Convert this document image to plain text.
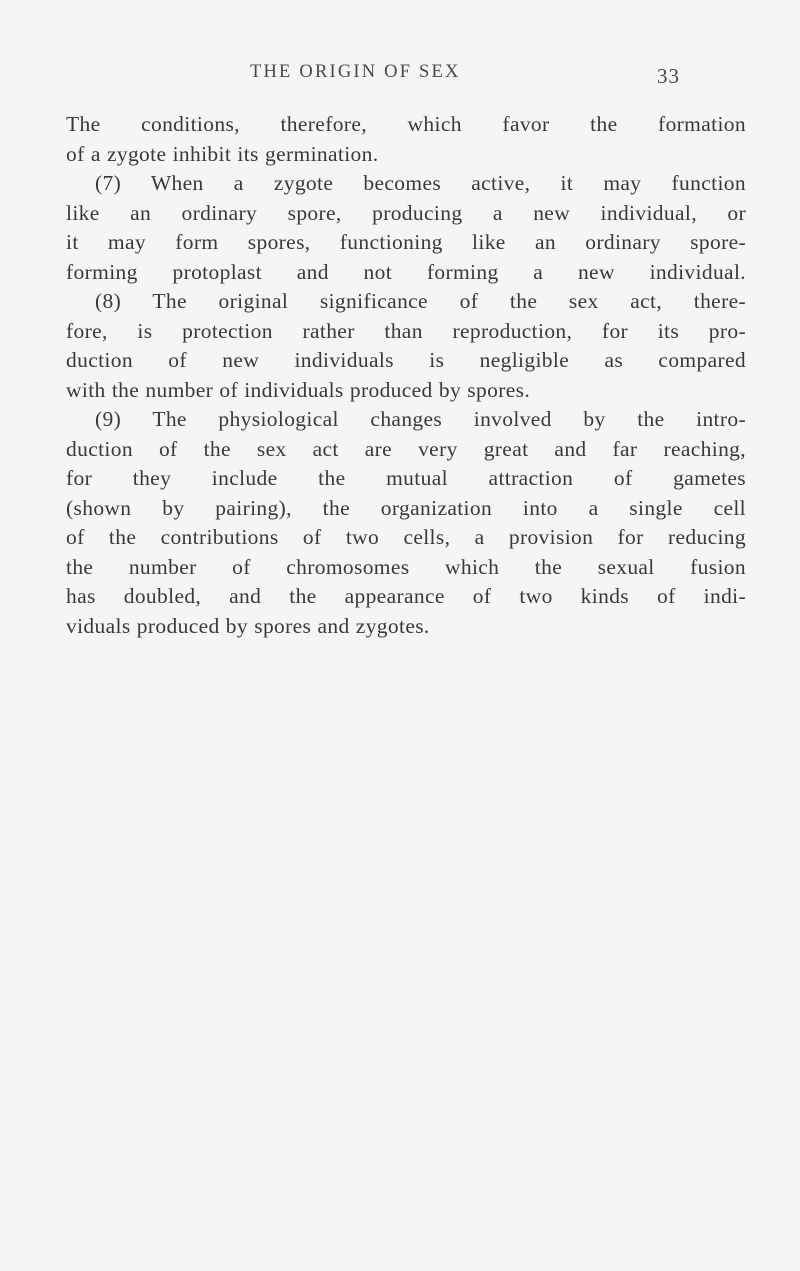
THE ORIGIN OF SEX	33
The conditions, therefore, which favor the formation
of a zygote inhibit its germination.
(7) When a zygote becomes active, it may function
like an ordinary spore, producing a new individual, or
it may form spores, functioning like an ordinary spore-
forming protoplast and not forming a new individual.
(8) The original significance of the sex act, there-
fore, is protection rather than reproduction, for its pro-
duction of new individuals is negligible as compared
with the number of individuals produced by spores.
(9) The physiological changes involved by the intro-
duction of the sex act are very great and far reaching,
for they include the mutual attraction of gametes
(shown by pairing), the organization into a single cell
of the contributions of two cells, a provision for reducing
the number of chromosomes which the sexual fusion
has doubled, and the appearance of two kinds of indi-
viduals produced by spores and zygotes.
